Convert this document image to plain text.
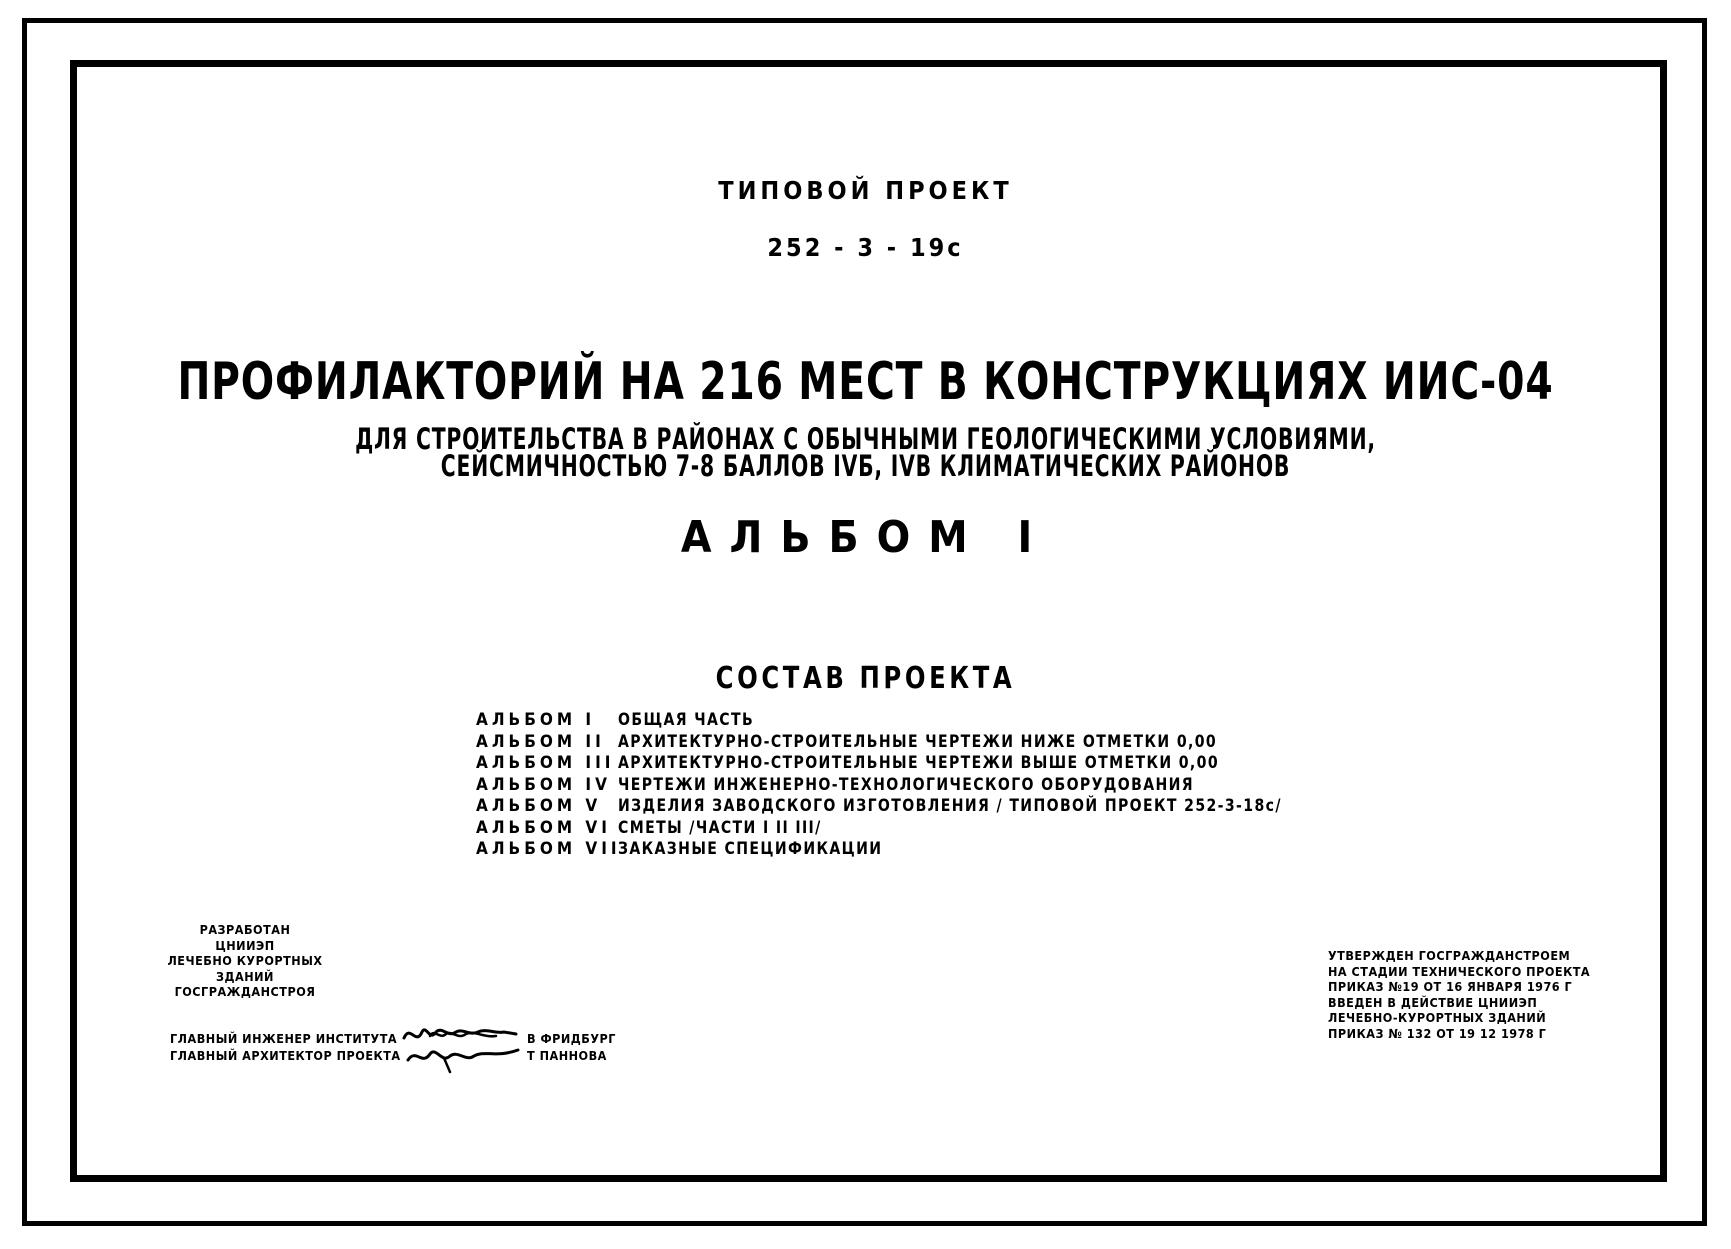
ТИПОВОЙ ПРОЕКТ
252 - 3 - 19с
ПРОФИЛАКТОРИЙ НА 216 МЕСТ В КОНСТРУКЦИЯХ ИИС-04
ДЛЯ СТРОИТЕЛЬСТВА В РАЙОНАХ С ОБЫЧНЫМИ ГЕОЛОГИЧЕСКИМИ УСЛОВИЯМИ,
СЕЙСМИЧНОСТЬЮ 7-8 БАЛЛОВ IVБ, IVВ КЛИМАТИЧЕСКИХ РАЙОНОВ
АЛЬБОМ I
СОСТАВ ПРОЕКТА
АЛЬБОМ I ОБЩАЯ ЧАСТЬ
АЛЬБОМ II АРХИТЕКТУРНО-СТРОИТЕЛЬНЫЕ ЧЕРТЕЖИ НИЖЕ ОТМЕТКИ 0,00
АЛЬБОМ III АРХИТЕКТУРНО-СТРОИТЕЛЬНЫЕ ЧЕРТЕЖИ ВЫШЕ ОТМЕТКИ 0,00
АЛЬБОМ IV ЧЕРТЕЖИ ИНЖЕНЕРНО-ТЕХНОЛОГИЧЕСКОГО ОБОРУДОВАНИЯ
АЛЬБОМ V ИЗДЕЛИЯ ЗАВОДСКОГО ИЗГОТОВЛЕНИЯ / ТИПОВОЙ ПРОЕКТ 252-3-18с/
АЛЬБОМ VI СМЕТЫ /ЧАСТИ I II III/
АЛЬБОМ VII
ЗАКАЗНЫЕ СПЕЦИФИКАЦИИ
РАЗРАБОТАН
ЦНИИЭП
ЛЕЧЕБНО КУРОРТНЫХ
ЗДАНИЙ
ГОСГРАЖДАНСТРОЯ
ГЛАВНЫЙ ИНЖЕНЕР ИНСТИТУТА
ГЛАВНЫЙ АРХИТЕКТОР ПРОЕКТА
В ФРИДБУРГ
Т ПАННОВА
УТВЕРЖДЕН ГОСГРАЖДАНСТРОЕМ
НА СТАДИИ ТЕХНИЧЕСКОГО ПРОЕКТА
ПРИКАЗ №19 ОТ 16 ЯНВАРЯ 1976 Г
ВВЕДЕН В ДЕЙСТВИЕ ЦНИИЭП
ЛЕЧЕБНО-КУРОРТНЫХ ЗДАНИЙ
ПРИКАЗ № 132 ОТ 19 12 1978 Г
